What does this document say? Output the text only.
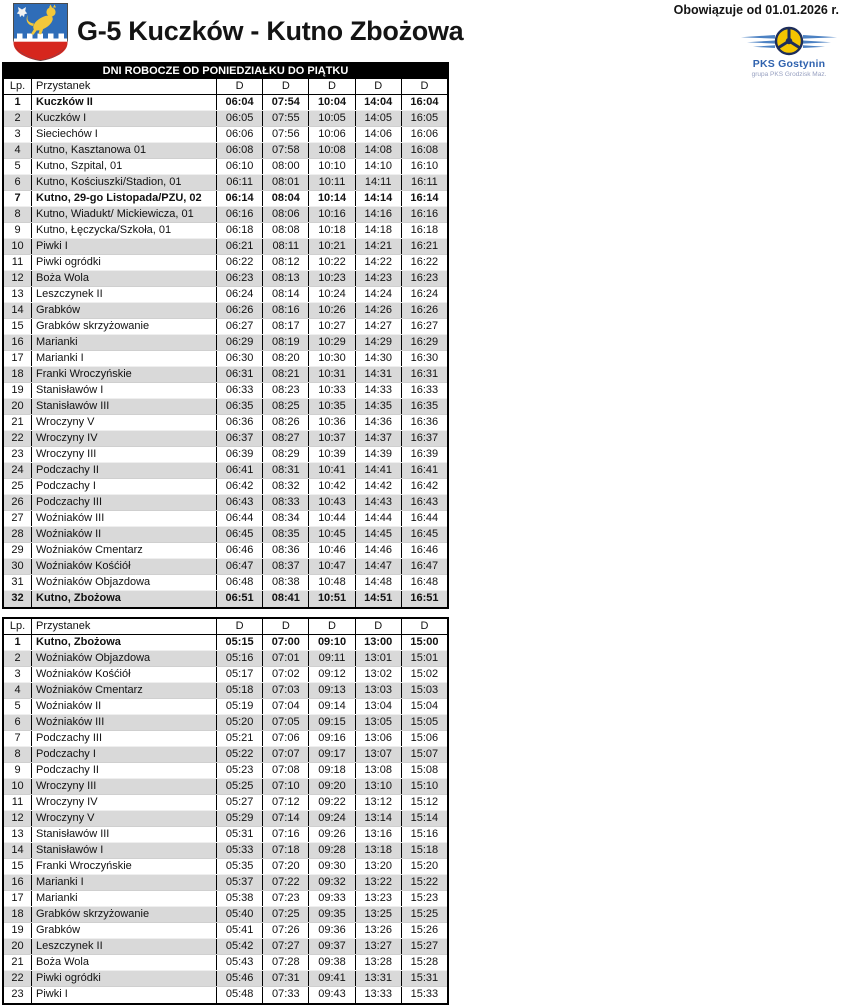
G-5 Kuczków - Kutno Zbożowa
Obowiązuje od 01.01.2026 r.
PKS Gostynin
grupa PKS Grodzisk Maz.
DNI ROBOCZE OD PONIEDZIAŁKU DO PIĄTKU
Lp. Przystanek	D	D	D	D	D
1	Kuczków II	06:04	07:54	10:04	14:04	16:04
2	Kuczków I	06:05	07:55	10:05	14:05	16:05
3	Sieciechów I	06:06	07:56	10:06	14:06	16:06
4	Kutno, Kasztanowa 01	06:08	07:58	10:08	14:08	16:08
5	Kutno, Szpital, 01	06:10	08:00	10:10	14:10	16:10
6	Kutno, Kościuszki/Stadion, 01	06:11	08:01	10:11	14:11	16:11
7	Kutno, 29-go Listopada/PZU, 02	06:14	08:04	10:14	14:14	16:14
8	Kutno, Wiadukt/ Mickiewicza, 01	06:16	08:06	10:16	14:16	16:16
9	Kutno, Łęczycka/Szkoła, 01	06:18	08:08	10:18	14:18	16:18
10	Piwki I	06:21	08:11	10:21	14:21	16:21
11	Piwki ogródki	06:22	08:12	10:22	14:22	16:22
12	Boża Wola	06:23	08:13	10:23	14:23	16:23
13	Leszczynek II	06:24	08:14	10:24	14:24	16:24
14	Grabków	06:26	08:16	10:26	14:26	16:26
15	Grabków skrzyżowanie	06:27	08:17	10:27	14:27	16:27
16	Marianki	06:29	08:19	10:29	14:29	16:29
17	Marianki I	06:30	08:20	10:30	14:30	16:30
18	Franki Wroczyńskie	06:31	08:21	10:31	14:31	16:31
19	Stanisławów I	06:33	08:23	10:33	14:33	16:33
20	Stanisławów III	06:35	08:25	10:35	14:35	16:35
21	Wroczyny V	06:36	08:26	10:36	14:36	16:36
22	Wroczyny IV	06:37	08:27	10:37	14:37	16:37
23	Wroczyny III	06:39	08:29	10:39	14:39	16:39
24	Podczachy II	06:41	08:31	10:41	14:41	16:41
25	Podczachy I	06:42	08:32	10:42	14:42	16:42
26	Podczachy III	06:43	08:33	10:43	14:43	16:43
27	Woźniaków III	06:44	08:34	10:44	14:44	16:44
28	Woźniaków II	06:45	08:35	10:45	14:45	16:45
29	Woźniaków Cmentarz	06:46	08:36	10:46	14:46	16:46
30	Woźniaków Kośćiół	06:47	08:37	10:47	14:47	16:47
31	Woźniaków Objazdowa	06:48	08:38	10:48	14:48	16:48
32	Kutno, Zbożowa	06:51	08:41	10:51	14:51	16:51
Lp. Przystanek	D	D	D	D	D
1	Kutno, Zbożowa	05:15	07:00	09:10	13:00	15:00
2	Woźniaków Objazdowa	05:16	07:01	09:11	13:01	15:01
3	Woźniaków Kośćiół	05:17	07:02	09:12	13:02	15:02
4	Woźniaków Cmentarz	05:18	07:03	09:13	13:03	15:03
5	Woźniaków II	05:19	07:04	09:14	13:04	15:04
6	Woźniaków III	05:20	07:05	09:15	13:05	15:05
7	Podczachy III	05:21	07:06	09:16	13:06	15:06
8	Podczachy I	05:22	07:07	09:17	13:07	15:07
9	Podczachy II	05:23	07:08	09:18	13:08	15:08
10	Wroczyny III	05:25	07:10	09:20	13:10	15:10
11	Wroczyny IV	05:27	07:12	09:22	13:12	15:12
12	Wroczyny V	05:29	07:14	09:24	13:14	15:14
13	Stanisławów III	05:31	07:16	09:26	13:16	15:16
14	Stanisławów I	05:33	07:18	09:28	13:18	15:18
15	Franki Wroczyńskie	05:35	07:20	09:30	13:20	15:20
16	Marianki I	05:37	07:22	09:32	13:22	15:22
17	Marianki	05:38	07:23	09:33	13:23	15:23
18	Grabków skrzyżowanie	05:40	07:25	09:35	13:25	15:25
19	Grabków	05:41	07:26	09:36	13:26	15:26
20	Leszczynek II	05:42	07:27	09:37	13:27	15:27
21	Boża Wola	05:43	07:28	09:38	13:28	15:28
22	Piwki ogródki	05:46	07:31	09:41	13:31	15:31
23	Piwki I	05:48	07:33	09:43	13:33	15:33
